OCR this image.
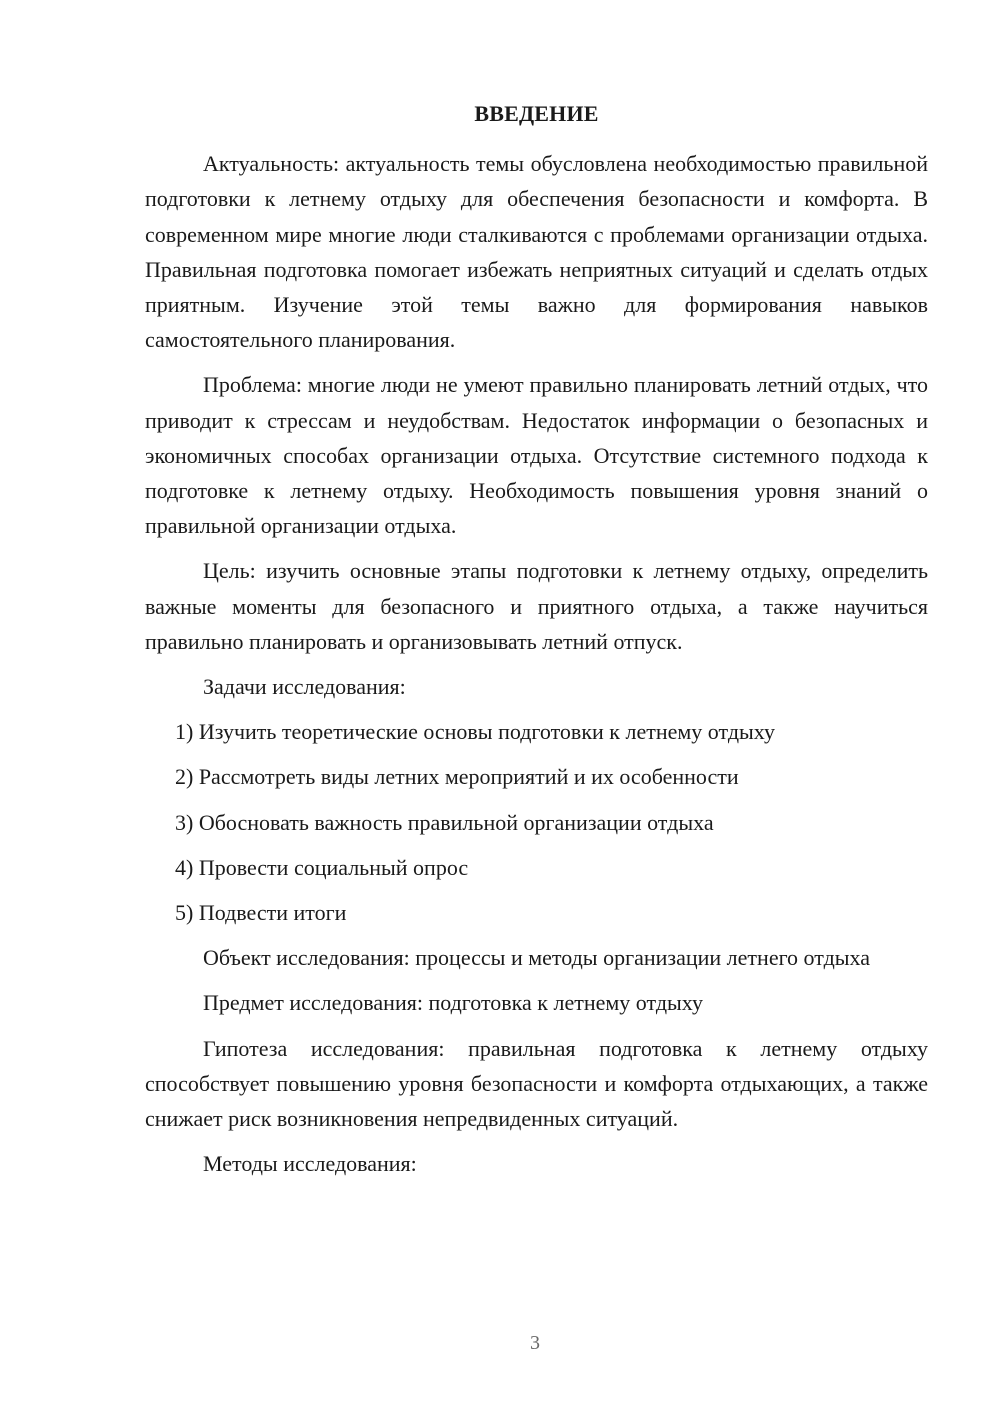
ВВЕДЕНИЕ

Актуальность: актуальность темы обусловлена необходимостью правильной подготовки к летнему отдыху для обеспечения безопасности и комфорта. В современном мире многие люди сталкиваются с проблемами организации отдыха. Правильная подготовка помогает избежать неприятных ситуаций и сделать отдых приятным. Изучение этой темы важно для формирования навыков самостоятельного планирования.

Проблема: многие люди не умеют правильно планировать летний отдых, что приводит к стрессам и неудобствам. Недостаток информации о безопасных и экономичных способах организации отдыха. Отсутствие системного подхода к подготовке к летнему отдыху. Необходимость повышения уровня знаний о правильной организации отдыха.

Цель: изучить основные этапы подготовки к летнему отдыху, определить важные моменты для безопасного и приятного отдыха, а также научиться правильно планировать и организовывать летний отпуск.

Задачи исследования:

1) Изучить теоретические основы подготовки к летнему отдыху
2) Рассмотреть виды летних мероприятий и их особенности
3) Обосновать важность правильной организации отдыха
4) Провести социальный опрос
5) Подвести итоги

Объект исследования: процессы и методы организации летнего отдыха

Предмет исследования: подготовка к летнему отдыху

Гипотеза исследования: правильная подготовка к летнему отдыху способствует повышению уровня безопасности и комфорта отдыхающих, а также снижает риск возникновения непредвиденных ситуаций.

Методы исследования:

3
